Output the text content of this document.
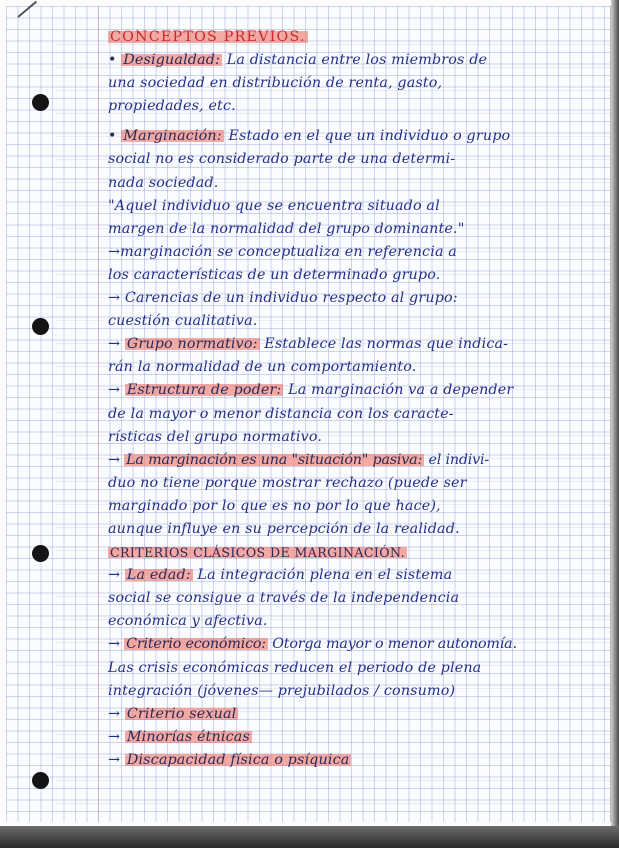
CONCEPTOS PREVIOS.
• Desigualdad: La distancia entre los miembros de
una sociedad en distribución de renta, gasto,
propiedades, etc.
• Marginación: Estado en el que un individuo o grupo
social no es considerado parte de una determi-
nada sociedad.
"Aquel individuo que se encuentra situado al
margen de la normalidad del grupo dominante."
→marginación se conceptualiza en referencia a
los características de un determinado grupo.
→ Carencias de un individuo respecto al grupo:
cuestión cualitativa.
→ Grupo normativo: Establece las normas que indica-
rán la normalidad de un comportamiento.
→ Estructura de poder: La marginación va a depender
de la mayor o menor distancia con los caracte-
rísticas del grupo normativo.
→ La marginación es una "situación" pasiva: el indivi-
duo no tiene porque mostrar rechazo (puede ser
marginado por lo que es no por lo que hace),
aunque influye en su percepción de la realidad.
CRITERIOS CLÁSICOS DE MARGINACIÓN.
→ La edad: La integración plena en el sistema
social se consigue a través de la independencia
económica y afectiva.
→ Criterio económico: Otorga mayor o menor autonomía.
Las crisis económicas reducen el periodo de plena
integración (jóvenes— prejubilados / consumo)
→ Criterio sexual
→ Minorías étnicas
→ Discapacidad física o psíquica
